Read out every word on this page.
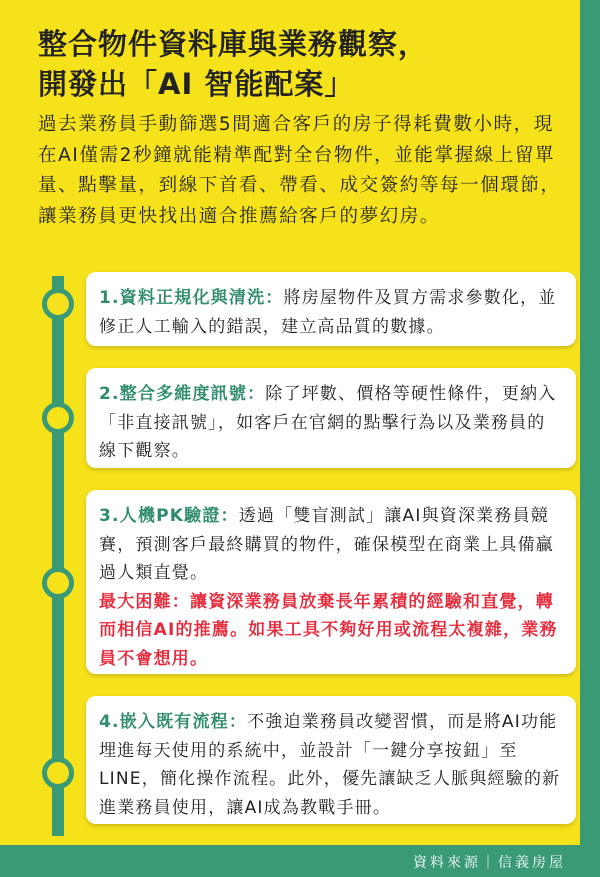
整合物件資料庫與業務觀察，
開發出「AI 智能配案」
過去業務員手動篩選5間適合客戶的房子得耗費數小時，現在AI僅需2秒鐘就能精準配對全台物件，並能掌握線上留單量、點擊量，到線下首看、帶看、成交簽約等每一個環節，讓業務員更快找出適合推薦給客戶的夢幻房。
1.資料正規化與清洗：將房屋物件及買方需求參數化，並修正人工輸入的錯誤，建立高品質的數據。
2.整合多維度訊號：除了坪數、價格等硬性條件，更納入「非直接訊號」，如客戶在官網的點擊行為以及業務員的線下觀察。
3.人機PK驗證：透過「雙盲測試」讓AI與資深業務員競賽，預測客戶最終購買的物件，確保模型在商業上具備贏過人類直覺。
最大困難：讓資深業務員放棄長年累積的經驗和直覺，轉而相信AI的推薦。如果工具不夠好用或流程太複雜，業務員不會想用。
4.嵌入既有流程：不強迫業務員改變習慣，而是將AI功能埋進每天使用的系統中，並設計「一鍵分享按鈕」至LINE，簡化操作流程。此外，優先讓缺乏人脈與經驗的新進業務員使用，讓AI成為教戰手冊。
資料來源｜信義房屋
